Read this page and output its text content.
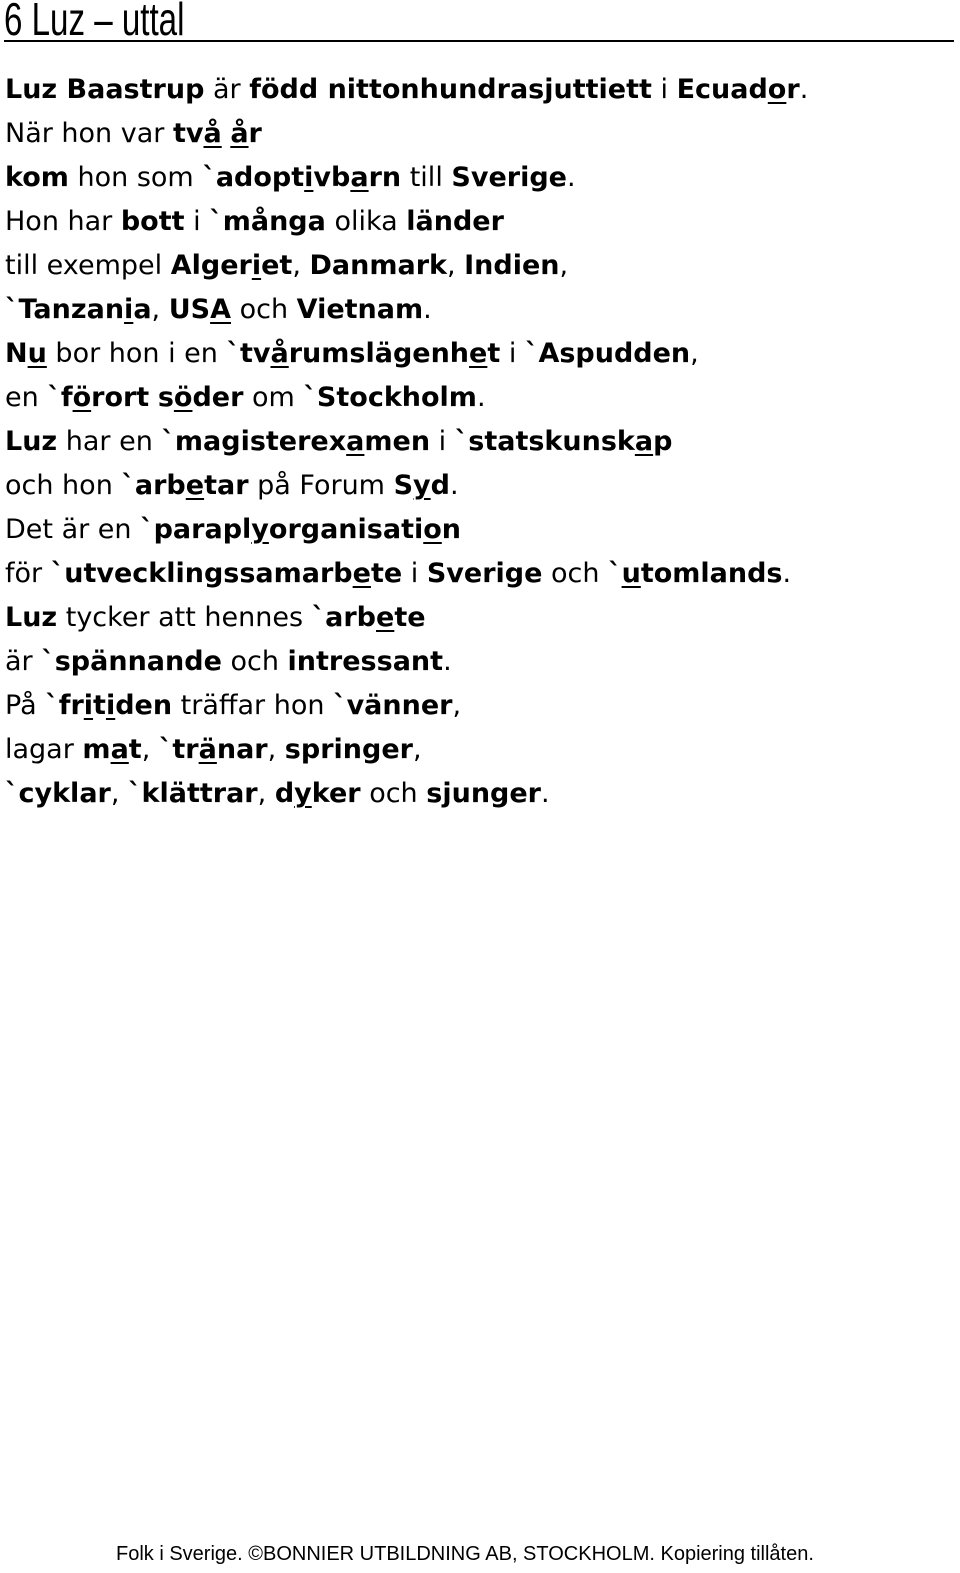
6 Luz – uttal
Luz Baastrup är född nittonhundrasjuttiett i Ecuador.
När hon var två år
kom hon som `adoptivbarn till Sverige.
Hon har bott i `många olika länder
till exempel Algeriet, Danmark, Indien,
`Tanzania, USA och Vietnam.
Nu bor hon i en `tvårumslägenhet i `Aspudden,
en `förort söder om `Stockholm.
Luz har en `magisterexamen i `statskunskap
och hon `arbetar på Forum Syd.
Det är en `paraplyorganisation
för `utvecklingssamarbete i Sverige och `utomlands.
Luz tycker att hennes `arbete
är `spännande och intressant.
På `fritiden träffar hon `vänner,
lagar mat, `tränar, springer,
`cyklar, `klättrar, dyker och sjunger.
Folk i Sverige. ©BONNIER UTBILDNING AB, STOCKHOLM. Kopiering tillåten.
